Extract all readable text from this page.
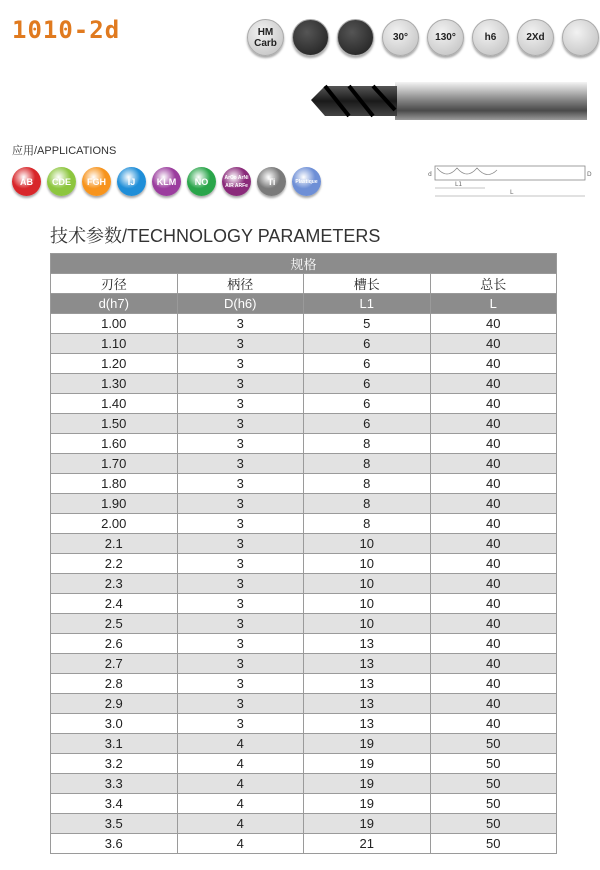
1010-2d	HM
Carb	30°	130°	h6	2Xd
应用/APPLICATIONS
AB	CDE	FGH	IJ	KLM	NO	ArCo ArNi AIR ARFe	Ti	Plastique
d	D
L1
L
技术参数/TECHNOLOGY PARAMETERS
规格			
刃径	柄径	槽长	总长
d(h7)	D(h6)	L1	L
1.00	3	5	40
1.10	3	6	40
1.20	3	6	40
1.30	3	6	40
1.40	3	6	40
1.50	3	6	40
1.60	3	8	40
1.70	3	8	40
1.80	3	8	40
1.90	3	8	40
2.00	3	8	40
2.1	3	10	40
2.2	3	10	40
2.3	3	10	40
2.4	3	10	40
2.5	3	10	40
2.6	3	13	40
2.7	3	13	40
2.8	3	13	40
2.9	3	13	40
3.0	3	13	40
3.1	4	19	50
3.2	4	19	50
3.3	4	19	50
3.4	4	19	50
3.5	4	19	50
3.6	4	21	50
